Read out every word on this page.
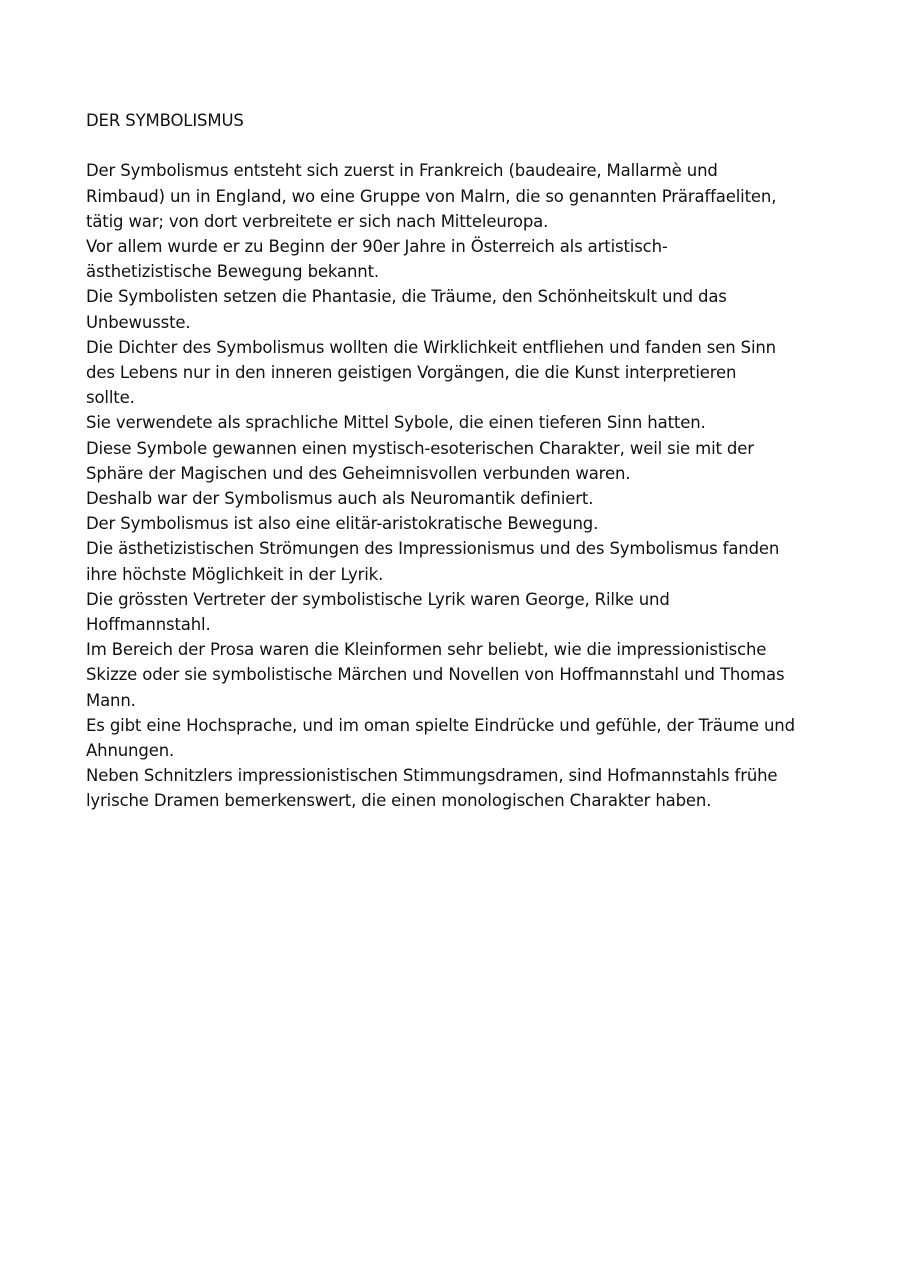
DER SYMBOLISMUS
Der Symbolismus entsteht sich zuerst in Frankreich (baudeaire, Mallarmè und
Rimbaud) un in England, wo eine Gruppe von Malrn, die so genannten Präraffaeliten,
tätig war; von dort verbreitete er sich nach Mitteleuropa.
Vor allem wurde er zu Beginn der 90er Jahre in Österreich als artistisch-
ästhetizistische Bewegung bekannt.
Die Symbolisten setzen die Phantasie, die Träume, den Schönheitskult und das
Unbewusste.
Die Dichter des Symbolismus wollten die Wirklichkeit entfliehen und fanden sen Sinn
des Lebens nur in den inneren geistigen Vorgängen, die die Kunst interpretieren
sollte.
Sie verwendete als sprachliche Mittel Sybole, die einen tieferen Sinn hatten.
Diese Symbole gewannen einen mystisch-esoterischen Charakter, weil sie mit der
Sphäre der Magischen und des Geheimnisvollen verbunden waren.
Deshalb war der Symbolismus auch als Neuromantik definiert.
Der Symbolismus ist also eine elitär-aristokratische Bewegung.
Die ästhetizistischen Strömungen des Impressionismus und des Symbolismus fanden
ihre höchste Möglichkeit in der Lyrik.
Die grössten Vertreter der symbolistische Lyrik waren George, Rilke und
Hoffmannstahl.
Im Bereich der Prosa waren die Kleinformen sehr beliebt, wie die impressionistische
Skizze oder sie symbolistische Märchen und Novellen von Hoffmannstahl und Thomas
Mann.
Es gibt eine Hochsprache, und im oman spielte Eindrücke und gefühle, der Träume und
Ahnungen.
Neben Schnitzlers impressionistischen Stimmungsdramen, sind Hofmannstahls frühe
lyrische Dramen bemerkenswert, die einen monologischen Charakter haben.
